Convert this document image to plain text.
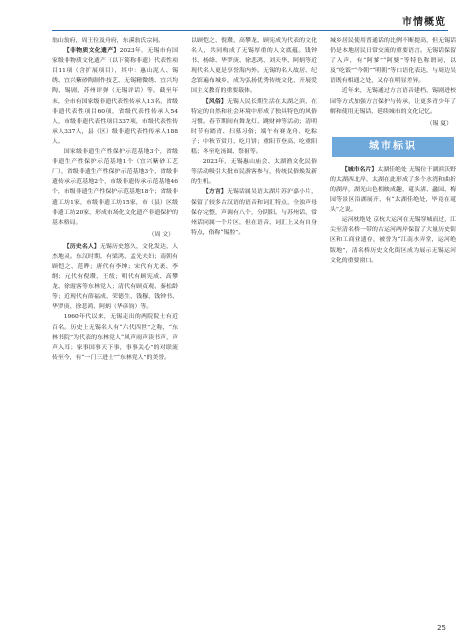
市情概览

翁山翁府，周王位及舟府，东溪翁氏宗祠。

【非物质文化遗产】2023年，无锡市有国家级非物质文化遗产（以下简称非遗）代表性项目11项（含扩展项目），其中：惠山泥人、锡绣、宜兴紫砂陶制作技艺、无锡精微绣、宜兴均陶、锡剧、苏州评弹（无锡评话）等。截至年末，全市有国家级非遗代表性传承人13名，省级非遗代表性项目60项，省级代表性传承人54人，市级非遗代表性项目337项，市级代表性传承人337人，县（区）级非遗代表性传承人188人。

国家级非遗生产性保护示范基地3个，省级非遗生产性保护示范基地1个（宜兴紫砂工艺厂），省级非遗生产性保护示范基地3个，省级非遗传承示范基地2个，市级非遗传承示范基地46个，市级非遗生产性保护示范基地18个；省级非遗工坊1家，市级非遗工坊15家，市（县）区级非遗工坊20家，形成市场化文化遗产非遗保护的基本格局。

（周 文）

【历史名人】无锡历史悠久，文化发达，人杰地灵。东汉时期，有梁鸿、孟光夫妇；南朝有顾恺之、范晔；唐代有李绅；宋代有尤袤、李纲；元代有倪瓒、王绂；明代有顾宪成、高攀龙、徐霞客等东林党人；清代有顾贞观、秦松龄等；近现代有薛福成、荣德生、钱穆、钱钟书、华罗庚、徐悲鸿、阿炳（华彦钧）等。

1960年代以来，无锡走出的两院院士有近百名。历史上无锡名人有“六代四世”之称，“东林书院”为代表的东林党人“风声雨声读书声，声声入耳；家事国事天下事，事事关心”的对联流传至今，有“一门三进士”“东林党人”的美誉。

以顾恺之、倪瓒、高攀龙、顾宪成为代表的文化名人，共同构成了无锡厚重的人文底蕴。钱钟书、杨绛、华罗庚、徐悲鸿、刘天华、阿炳等近现代名人更是享誉海内外。无锡的名人故居、纪念馆遍布城乡，成为弘扬优秀传统文化、开展爱国主义教育的重要载体。

【风俗】无锡人民长期生活在太湖之滨，在特定的自然和社会环境中形成了独具特色的风俗习惯。春节期间有舞龙灯、跳财神等活动；清明时节有踏青、扫墓习俗；端午有赛龙舟、吃粽子；中秋节赏月、吃月饼；重阳节登高、吃重阳糕；冬至吃汤圆、祭祖等。

2023年，无锡惠山庙会、太湖渔文化民俗等活动吸引大批市民游客参与，传统民俗焕发新的生机。

【方言】无锡话属吴语太湖片苏沪嘉小片，保留了较多古汉语的语音和词汇特点，全浊声母保存完整，声调有八个，分阴阳。与苏州话、常州话同属一个片区，但在语音、词汇上又有自身特点，俗称“锡腔”。

城乡居民使用普通话的比例不断提高，但无锡话仍是本地居民日常交流的重要语言。无锡话保留了入声，有“阿爹”“阿婆”等特色称谓词，以及“吃饭”“今朝”“明朝”等口语化表达，与周边吴语既有相通之处，又存在明显差异。

近年来，无锡通过方言语音建档、锡剧进校园等方式加强方言保护与传承，让更多青少年了解和使用无锡话，延续城市的文化记忆。

（锡 夏）
城市标识

【城市名片】太湖佳绝处 无锡位于湖滨沃野的太湖西北岸，太湖在此形成了多个水湾和曲折的湖岸，湖光山色相映成趣，鼋头渚、蠡园、梅园等景区沿湖展开，有“太湖佳绝处，毕竟在鼋头”之说。

运河枕绝处 京杭大运河在无锡穿城而过，江尖至清名桥一带的古运河两岸保留了大量历史街区和工商业遗存，被誉为“江南水弄堂，运河绝版地”，清名桥历史文化街区成为展示无锡运河文化的重要窗口。

25
